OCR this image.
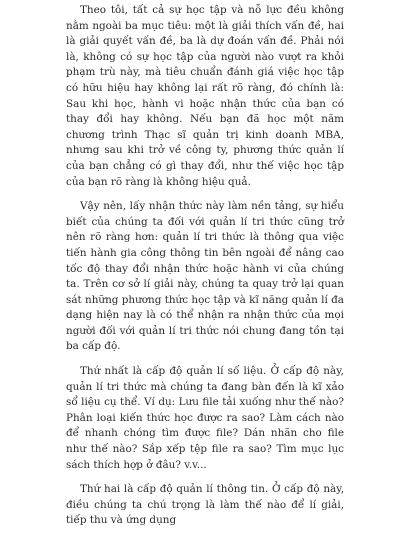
Theo tôi, tất cả sự học tập và nỗ lực đều không nằm ngoài ba mục tiêu: một là giải thích vấn đề, hai là giải quyết vấn đề, ba là dự đoán vấn đề. Phải nói là, không có sự học tập của người nào vượt ra khỏi phạm trù này, mà tiêu chuẩn đánh giá việc học tập có hữu hiệu hay không lại rất rõ ràng, đó chính là: Sau khi học, hành vi hoặc nhận thức của bạn có thay đổi hay không. Nếu bạn đã học một năm chương trình Thạc sĩ quản trị kinh doanh MBA, nhưng sau khi trở về công ty, phương thức quản lí của bạn chẳng có gì thay đổi, như thế việc học tập của bạn rõ ràng là không hiệu quả.

Vậy nên, lấy nhận thức này làm nền tảng, sự hiểu biết của chúng ta đối với quản lí tri thức cũng trở nên rõ ràng hơn: quản lí tri thức là thông qua việc tiến hành gia công thông tin bên ngoài để nâng cao tốc độ thay đổi nhận thức hoặc hành vi của chúng ta. Trên cơ sở lí giải này, chúng ta quay trở lại quan sát những phương thức học tập và kĩ năng quản lí đa dạng hiện nay là có thể nhận ra nhận thức của mọi người đối với quản lí tri thức nói chung đang tồn tại ba cấp độ.

Thứ nhất là cấp độ quản lí số liệu. Ở cấp độ này, quản lí tri thức mà chúng ta đang bàn đến là kĩ xảo sổ liệu cụ thể. Ví dụ: Lưu file tải xuống như thế nào? Phân loại kiến thức học được ra sao? Làm cách nào để nhanh chóng tìm được file? Dán nhãn cho file như thế nào? Sắp xếp tệp file ra sao? Tìm mục lục sách thích hợp ở đâu? v.v...

Thứ hai là cấp độ quản lí thông tin. Ở cấp độ này, điều chúng ta chú trọng là làm thế nào để lí giải, tiếp thu và ứng dụng
